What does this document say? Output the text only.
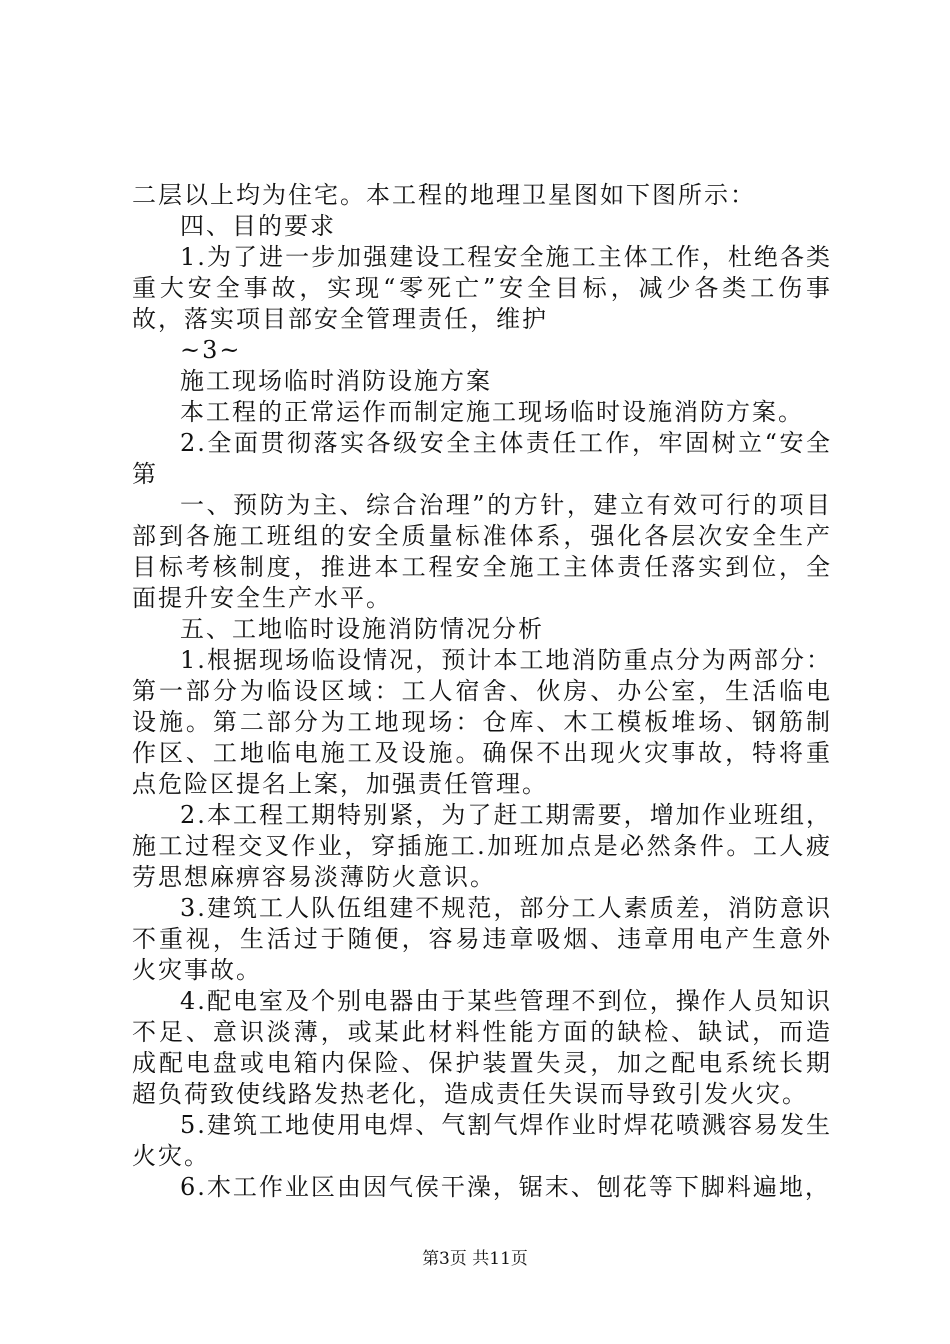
二层以上均为住宅。本工程的地理卫星图如下图所示：

四、目的要求

1.为了进一步加强建设工程安全施工主体工作，杜绝各类重大安全事故，实现“零死亡”安全目标，减少各类工伤事故，落实项目部安全管理责任，维护

~3~

施工现场临时消防设施方案

本工程的正常运作而制定施工现场临时设施消防方案。

2.全面贯彻落实各级安全主体责任工作，牢固树立“安全第

一、预防为主、综合治理”的方针，建立有效可行的项目部到各施工班组的安全质量标准体系，强化各层次安全生产目标考核制度，推进本工程安全施工主体责任落实到位，全面提升安全生产水平。

五、工地临时设施消防情况分析

1.根据现场临设情况，预计本工地消防重点分为两部分：第一部分为临设区域：工人宿舍、伙房、办公室，生活临电设施。第二部分为工地现场：仓库、木工模板堆场、钢筋制作区、工地临电施工及设施。确保不出现火灾事故，特将重点危险区提名上案，加强责任管理。

2.本工程工期特别紧，为了赶工期需要，增加作业班组，施工过程交叉作业，穿插施工.加班加点是必然条件。工人疲劳思想麻痹容易淡薄防火意识。

3.建筑工人队伍组建不规范，部分工人素质差，消防意识不重视，生活过于随便，容易违章吸烟、违章用电产生意外火灾事故。

4.配电室及个别电器由于某些管理不到位，操作人员知识不足、意识淡薄，或某此材料性能方面的缺检、缺试，而造成配电盘或电箱内保险、保护装置失灵，加之配电系统长期超负荷致使线路发热老化，造成责任失误而导致引发火灾。

5.建筑工地使用电焊、气割气焊作业时焊花喷溅容易发生火灾。

6.木工作业区由因气侯干澡，锯末、刨花等下脚料遍地，

第3页 共11页
